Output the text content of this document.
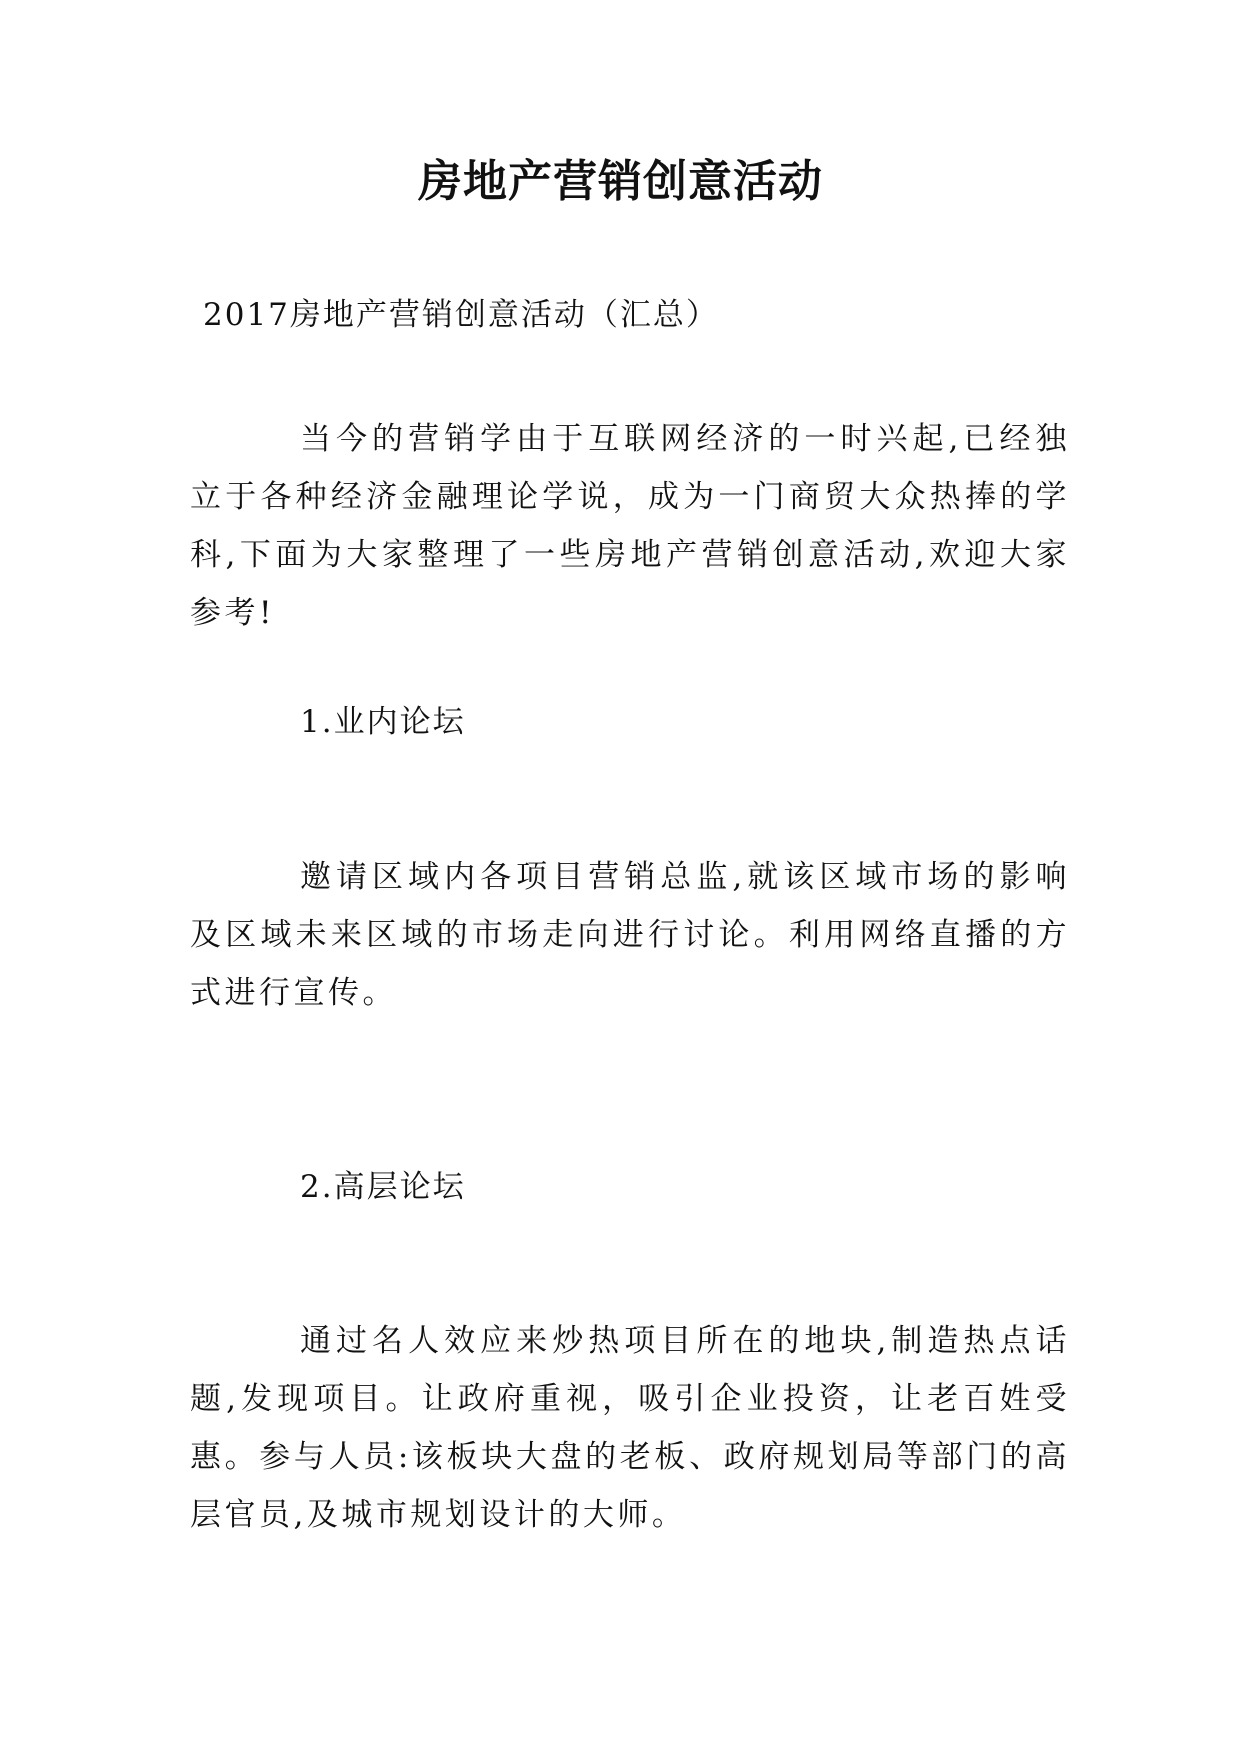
房地产营销创意活动

2017房地产营销创意活动（汇总）

当今的营销学由于互联网经济的一时兴起,已经独立于各种经济金融理论学说，成为一门商贸大众热捧的学科,下面为大家整理了一些房地产营销创意活动,欢迎大家参考!

1.业内论坛

邀请区域内各项目营销总监,就该区域市场的影响及区域未来区域的市场走向进行讨论。利用网络直播的方式进行宣传。

2.高层论坛

通过名人效应来炒热项目所在的地块,制造热点话题,发现项目。让政府重视，吸引企业投资，让老百姓受惠。参与人员:该板块大盘的老板、政府规划局等部门的高层官员,及城市规划设计的大师。
